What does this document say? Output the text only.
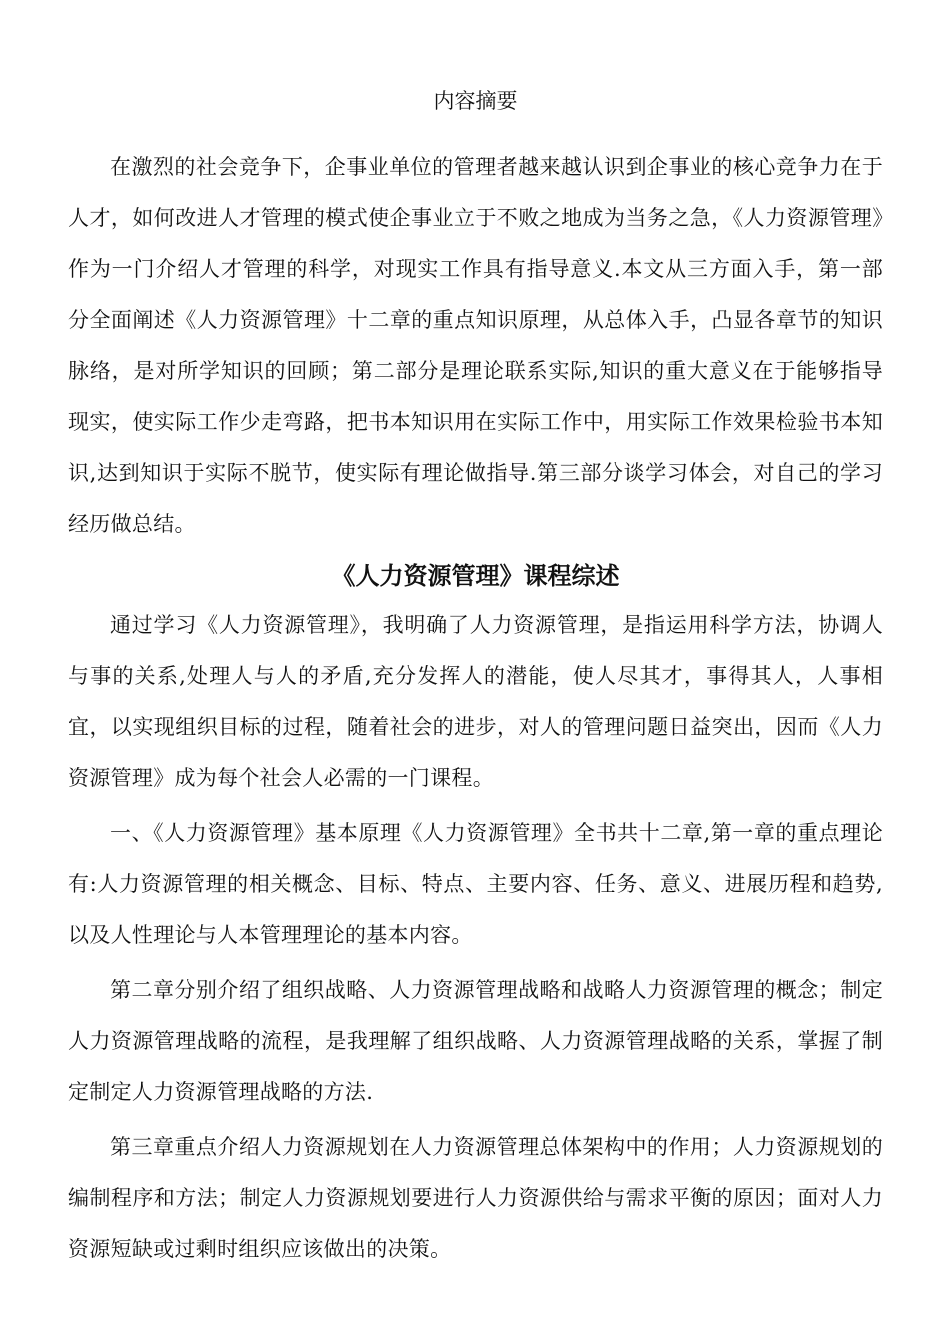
内容摘要

在激烈的社会竞争下，企事业单位的管理者越来越认识到企事业的核心竞争力在于人才，如何改进人才管理的模式使企事业立于不败之地成为当务之急，《人力资源管理》作为一门介绍人才管理的科学，对现实工作具有指导意义.本文从三方面入手，第一部分全面阐述《人力资源管理》十二章的重点知识原理，从总体入手，凸显各章节的知识脉络，是对所学知识的回顾；第二部分是理论联系实际,知识的重大意义在于能够指导现实，使实际工作少走弯路，把书本知识用在实际工作中，用实际工作效果检验书本知识,达到知识于实际不脱节，使实际有理论做指导.第三部分谈学习体会，对自己的学习经历做总结。

《人力资源管理》课程综述

通过学习《人力资源管理》，我明确了人力资源管理，是指运用科学方法，协调人与事的关系,处理人与人的矛盾,充分发挥人的潜能，使人尽其才，事得其人，人事相宜，以实现组织目标的过程，随着社会的进步，对人的管理问题日益突出，因而《人力资源管理》成为每个社会人必需的一门课程。

一、《人力资源管理》基本原理《人力资源管理》全书共十二章,第一章的重点理论有:人力资源管理的相关概念、目标、特点、主要内容、任务、意义、进展历程和趋势,以及人性理论与人本管理理论的基本内容。

第二章分别介绍了组织战略、人力资源管理战略和战略人力资源管理的概念；制定人力资源管理战略的流程，是我理解了组织战略、人力资源管理战略的关系，掌握了制定制定人力资源管理战略的方法.

第三章重点介绍人力资源规划在人力资源管理总体架构中的作用；人力资源规划的编制程序和方法；制定人力资源规划要进行人力资源供给与需求平衡的原因；面对人力资源短缺或过剩时组织应该做出的决策。
